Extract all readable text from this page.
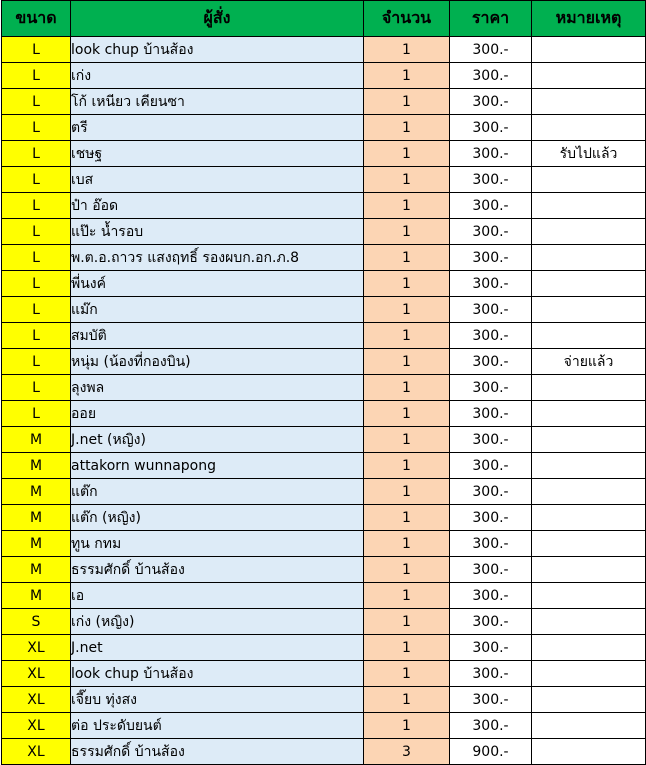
ขนาด	ผู้สั่ง	จำนวน	ราคา	หมายเหตุ
L	look chup บ้านส้อง	1	300.-	
L	เก่ง	1	300.-	
L	โก้ เหนียว เคียนซา	1	300.-	
L	ตรี	1	300.-	
L	เชษฐ	1	300.-	รับไปแล้ว
L	เบส	1	300.-	
L	ป๋า อ๊อด	1	300.-	
L	แป๊ะ น้ำรอบ	1	300.-	
L	พ.ต.อ.ถาวร แสงฤทธิ์ รองผบก.อก.ภ.8	1	300.-	
L	พี่นงค์	1	300.-	
L	แม๊ก	1	300.-	
L	สมบัติ	1	300.-	
L	หนุ่ม (น้องที่กองบิน)	1	300.-	จ่ายแล้ว
L	ลุงพล	1	300.-	
L	ออย	1	300.-	
M	J.net (หญิง)	1	300.-	
M	attakorn wunnapong	1	300.-	
M	แต๊ก	1	300.-	
M	แต๊ก (หญิง)	1	300.-	
M	ทูน กทม	1	300.-	
M	ธรรมศักดิ์ บ้านส้อง	1	300.-	
M	เอ	1	300.-	
S	เก่ง (หญิง)	1	300.-	
XL	J.net	1	300.-	
XL	look chup บ้านส้อง	1	300.-	
XL	เจี๊ยบ ทุ่งสง	1	300.-	
XL	ต่อ ประดับยนต์	1	300.-	
XL	ธรรมศักดิ์ บ้านส้อง	3	900.-	
